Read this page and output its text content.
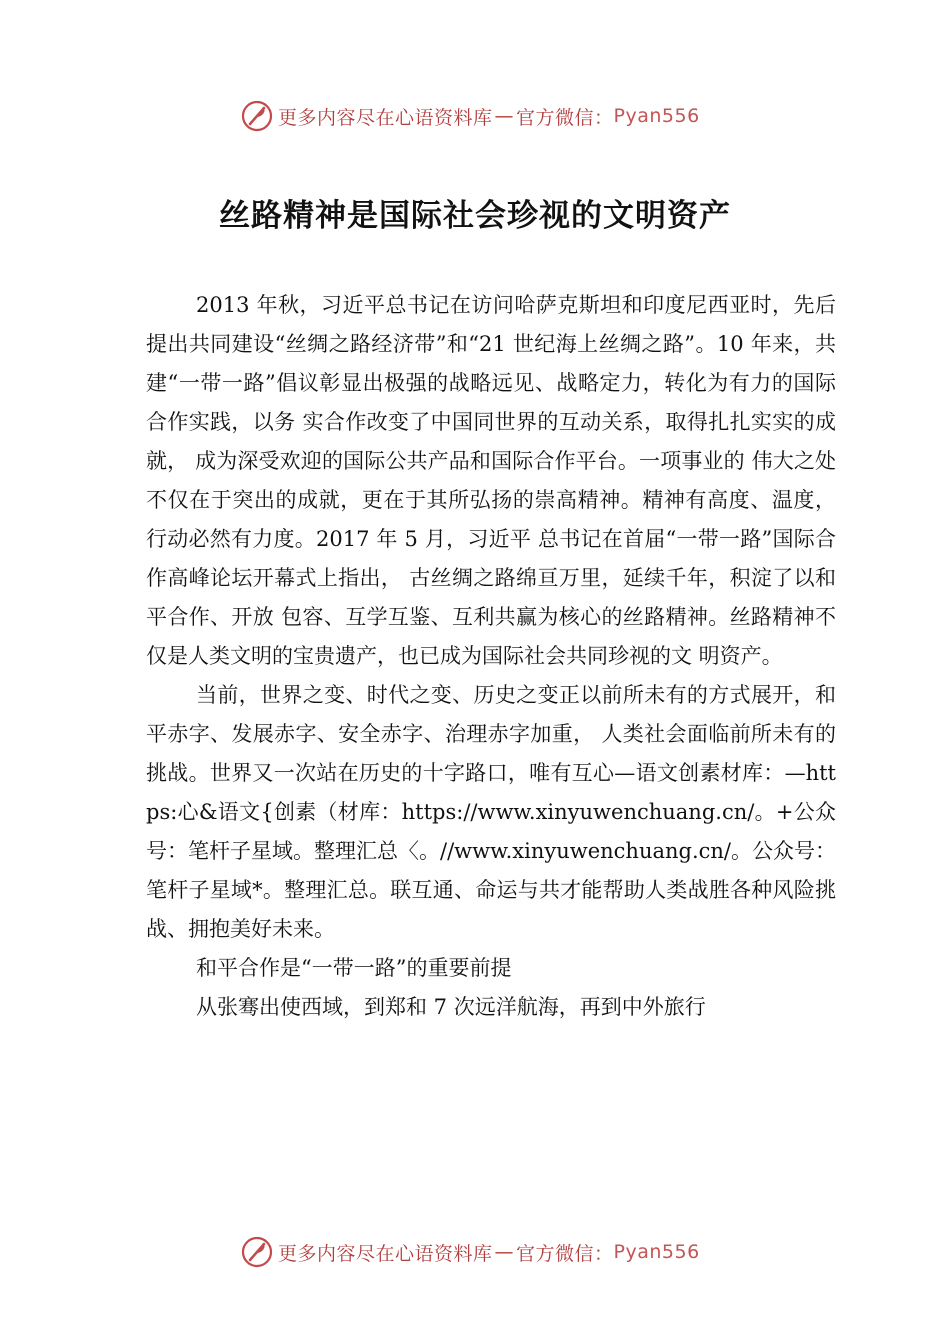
更多内容尽在心语资料库 — 官方微信： Pyan556
丝路精神是国际社会珍视的文明资产

2013 年秋，习近平总书记在访问哈萨克斯坦和印度尼西亚时，先后提出共同建设“丝绸之路经济带”和“21 世纪海上丝绸之路”。10 年来，共建“一带一路”倡议彰显出极强的战略远见、战略定力，转化为有力的国际合作实践，以务 实合作改变了中国同世界的互动关系，取得扎扎实实的成就， 成为深受欢迎的国际公共产品和国际合作平台。一项事业的 伟大之处不仅在于突出的成就，更在于其所弘扬的崇高精神。精神有高度、温度，行动必然有力度。2017 年 5 月，习近平 总书记在首届“一带一路”国际合作高峰论坛开幕式上指出， 古丝绸之路绵亘万里，延续千年，积淀了以和平合作、开放 包容、互学互鉴、互利共赢为核心的丝路精神。丝路精神不 仅是人类文明的宝贵遗产，也已成为国际社会共同珍视的文 明资产。

当前，世界之变、时代之变、历史之变正以前所未有的方式展开，和平赤字、发展赤字、安全赤字、治理赤字加重， 人类社会面临前所未有的挑战。世界又一次站在历史的十字路口，唯有互心—语文创素材库：—https:心&语文{创素（材库：https://www.xinyuwenchuang.cn/。+公众号：笔杆子星域。整理汇总〈。//www.xinyuwenchuang.cn/。公众号：笔杆子星域*。整理汇总。联互通、命运与共才能帮助人类战胜各种风险挑战、拥抱美好未来。

和平合作是“一带一路”的重要前提

从张骞出使西域，到郑和 7 次远洋航海，再到中外旅行

更多内容尽在心语资料库 — 官方微信： Pyan556
